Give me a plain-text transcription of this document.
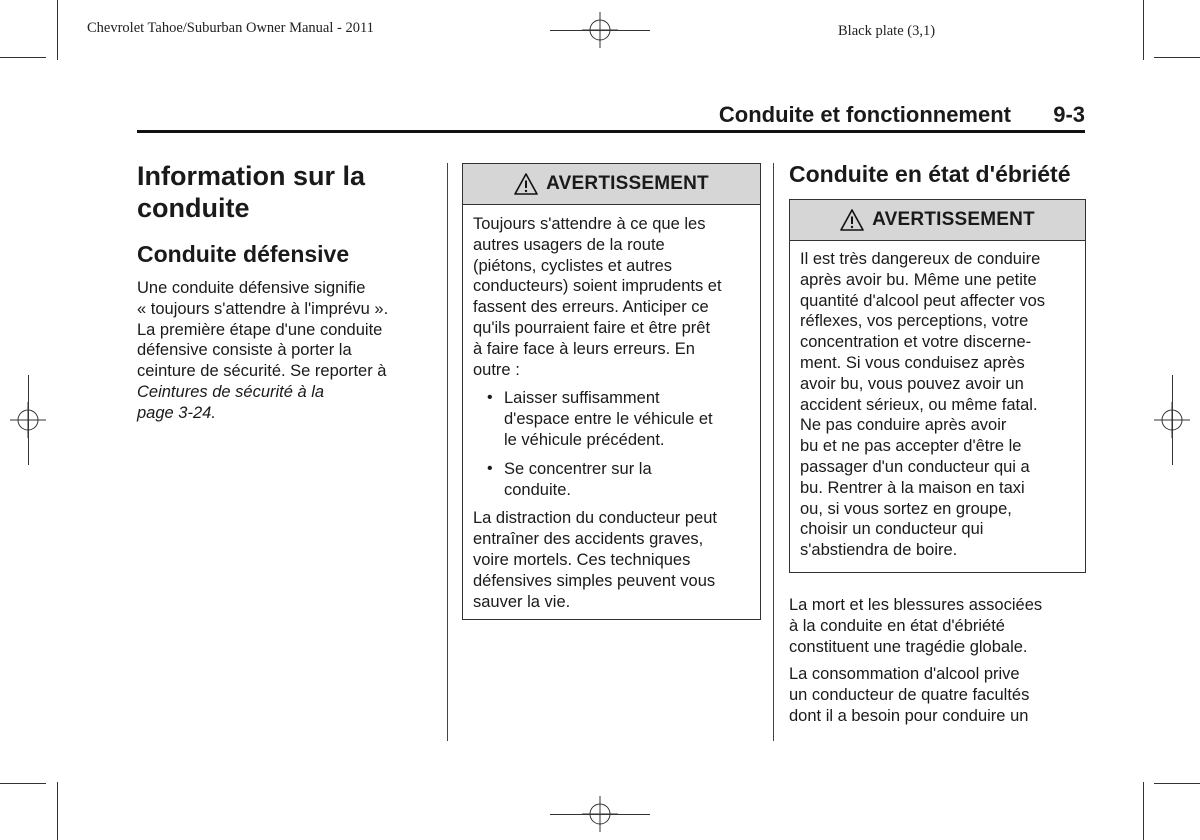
Chevrolet Tahoe/Suburban Owner Manual - 2011	Black plate (3,1)
Conduite et fonctionnement 9-3
Information sur la conduite
Conduite défensive
Une conduite défensive signifie
« toujours s'attendre à l'imprévu ».
La première étape d'une conduite
défensive consiste à porter la
ceinture de sécurité. Se reporter à
Ceintures de sécurité à la
page 3-24.
AVERTISSEMENT

Toujours s'attendre à ce que les
autres usagers de la route
(piétons, cyclistes et autres
conducteurs) soient imprudents et
fassent des erreurs. Anticiper ce
qu'ils pourraient faire et être prêt
à faire face à leurs erreurs. En
outre :

• Laisser suffisamment
d'espace entre le véhicule et
le véhicule précédent.
• Se concentrer sur la
conduite.

La distraction du conducteur peut
entraîner des accidents graves,
voire mortels. Ces techniques
défensives simples peuvent vous
sauver la vie.

Conduite en état d'ébriété
AVERTISSEMENT
Il est très dangereux de conduire
après avoir bu. Même une petite
quantité d'alcool peut affecter vos
réflexes, vos perceptions, votre
concentration et votre discerne-
ment. Si vous conduisez après
avoir bu, vous pouvez avoir un
accident sérieux, ou même fatal.
Ne pas conduire après avoir
bu et ne pas accepter d'être le
passager d'un conducteur qui a
bu. Rentrer à la maison en taxi
ou, si vous sortez en groupe,
choisir un conducteur qui
s'abstiendra de boire.
La mort et les blessures associées
à la conduite en état d'ébriété
constituent une tragédie globale.
La consommation d'alcool prive
un conducteur de quatre facultés
dont il a besoin pour conduire un
